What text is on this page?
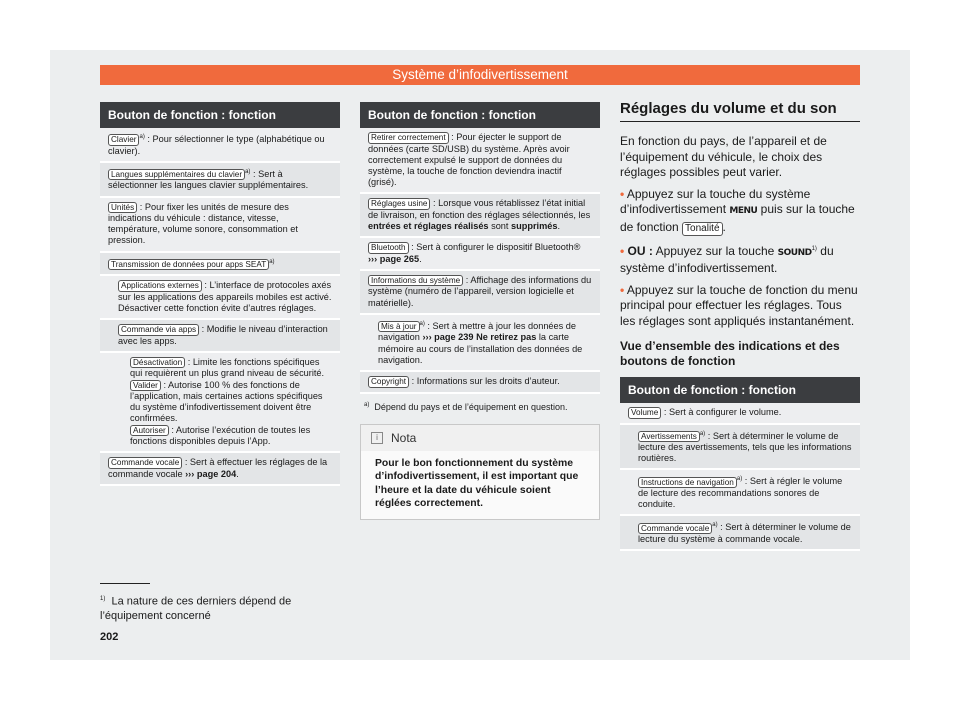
Système d’infodivertissement
Bouton de fonction : fonction
Clavier $^{a)}$ : Pour sélectionner le type (alphabétique ou clavier).
Langues supplémentaires du clavier $^{a)}$ : Sert à sélectionner les langues clavier supplémentaires.
Unités : Pour fixer les unités de mesure des indications du véhicule : distance, vitesse, température, volume sonore, consommation et pression.
Transmission de données pour apps SEAT $^{a)}$
Applications externes : L’interface de protocoles axés sur les applications des appareils mobiles est activé. Désactiver cette fonction évite d’autres réglages.
Commande via apps : Modifie le niveau d’interaction avec les apps.
Désactivation : Limite les fonctions spécifiques qui requièrent un plus grand niveau de sécurité.
Valider : Autorise 100 % des fonctions de l’application, mais certaines actions spécifiques du système d’infodivertissement doivent être confirmées.
Autoriser : Autorise l’exécution de toutes les fonctions disponibles depuis l’App.
Commande vocale : Sert à effectuer les réglages de la commande vocale ››› page 204.
Bouton de fonction : fonction
Retirer correctement : Pour éjecter le support de données (carte SD/USB) du système. Après avoir correctement expulsé le support de données du système, la touche de fonction deviendra inactif (grisé).
Réglages usine : Lorsque vous rétablissez l’état initial de livraison, en fonction des réglages sélectionnés, les entrées et réglages réalisés sont supprimés.
Bluetooth : Sert à configurer le dispositif Bluetooth® ››› page 265.
Informations du système : Affichage des informations du système (numéro de l’appareil, version logicielle et matérielle).
Mis à jour $^{a)}$ : Sert à mettre à jour les données de navigation ››› page 239 Ne retirez pas la carte mémoire au cours de l’installation des données de navigation.
Copyright : Informations sur les droits d’auteur.
$^{a)}$ Dépend du pays et de l’équipement en question.
i Nota
Pour le bon fonctionnement du système d’infodivertissement, il est important que l’heure et la date du véhicule soient réglées correctement.
Réglages du volume et du son
En fonction du pays, de l’appareil et de l’équipement du véhicule, le choix des réglages possibles peut varier.
• Appuyez sur la touche du système d’infodivertissement MENU puis sur la touche de fonction Tonalité .
• OU : Appuyez sur la touche SOUND$^{1)}$ du système d’infodivertissement.
• Appuyez sur la touche de fonction du menu principal pour effectuer les réglages. Tous les réglages sont appliqués instantanément.
Vue d’ensemble des indications et des boutons de fonction
Bouton de fonction : fonction
Volume : Sert à configurer le volume.
Avertissements $^{a)}$ : Sert à déterminer le volume de lecture des avertissements, tels que les informations routières.
Instructions de navigation $^{a)}$ : Sert à régler le volume de lecture des recommandations sonores de conduite.
Commande vocale $^{a)}$ : Sert à déterminer le volume de lecture du système à commande vocale.
$^{1)}$ La nature de ces derniers dépend de l’équipement concerné
202
